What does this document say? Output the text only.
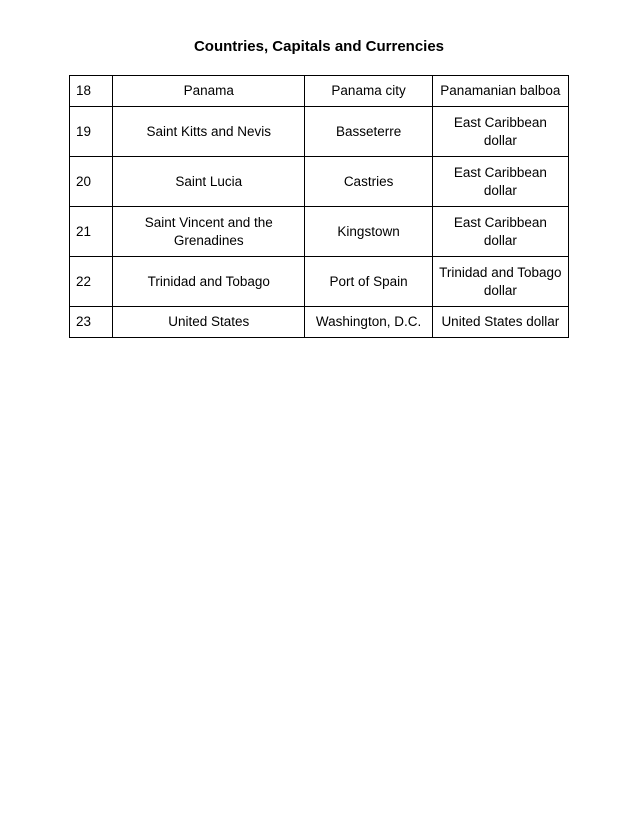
Countries, Capitals and Currencies
18	Panama	Panama city	Panamanian balboa
19	Saint Kitts and Nevis	Basseterre	East Caribbean dollar
20	Saint Lucia	Castries	East Caribbean dollar
21	Saint Vincent and the Grenadines	Kingstown	East Caribbean dollar
22	Trinidad and Tobago	Port of Spain	Trinidad and Tobago dollar
23	United States	Washington, D.C.	United States dollar
